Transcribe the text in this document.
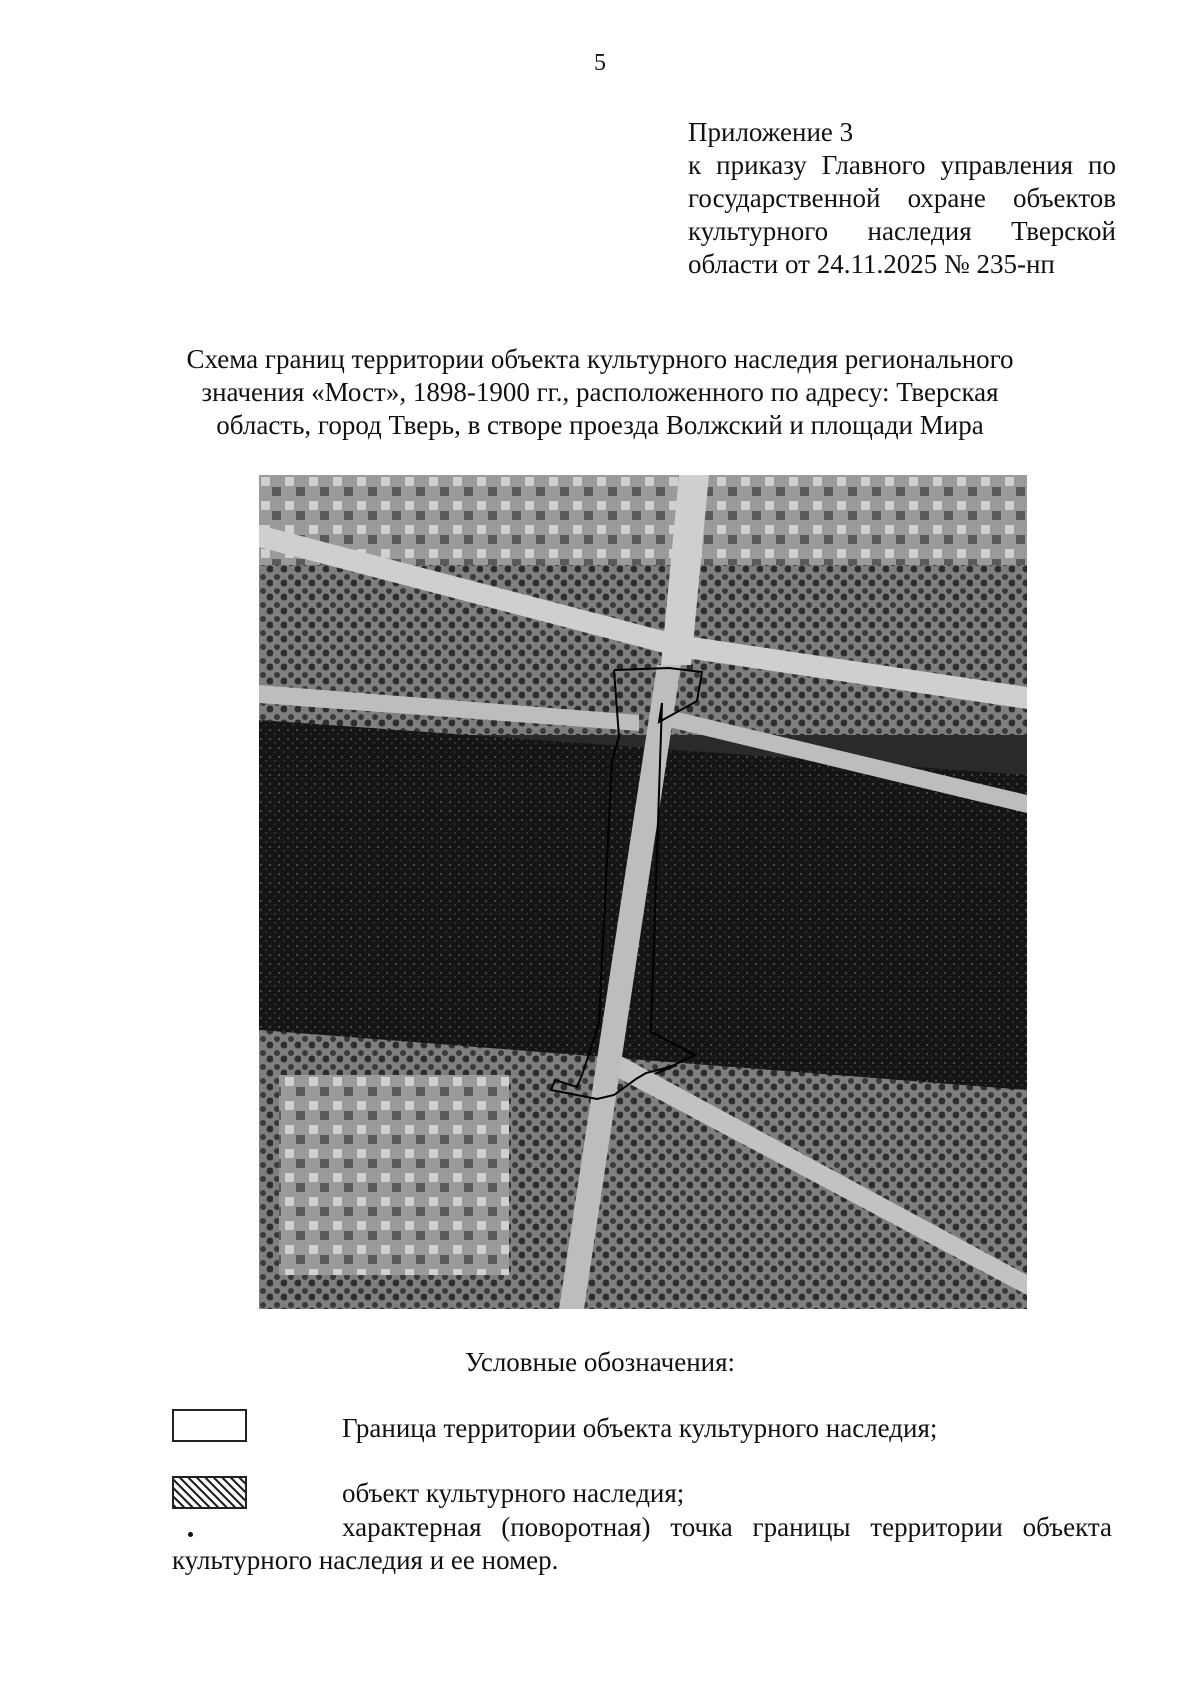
5
Приложение 3
к приказу Главного управления по
государственной охране объектов
культурного наследия Тверской
области от 24.11.2025 № 235-нп
Схема границ территории объекта культурного наследия регионального
значения «Мост», 1898-1900 гг., расположенного по адресу: Тверская
область, город Тверь, в створе проезда Волжский и площади Мира
Условные обозначения:
Граница территории объекта культурного наследия;
объект культурного наследия;
характерная (поворотная) точка границы территории объекта
культурного наследия и ее номер.
